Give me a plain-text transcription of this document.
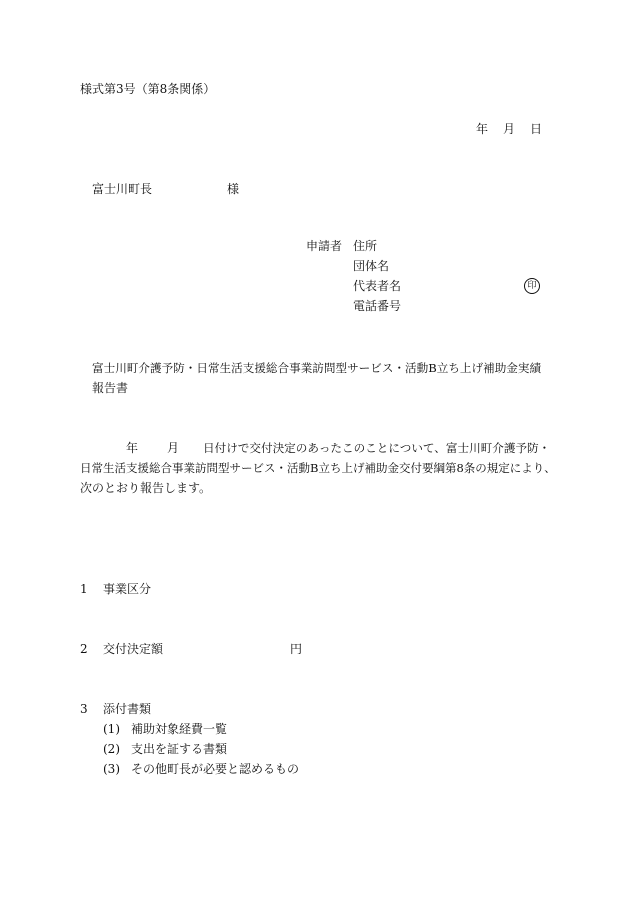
様式第3号（第8条関係）
年 月 日
富士川町長	様
申請者 住所
団体名
代表者名	印
電話番号
富士川町介護予防・日常生活支援総合事業訪問型サービス・活動B立ち上げ補助金実績
報告書
年 月 日付けで交付決定のあったこのことについて、富士川町介護予防・
日常生活支援総合事業訪問型サービス・活動B立ち上げ補助金交付要綱第8条の規定により、
次のとおり報告します。
1 事業区分
2 交付決定額	円
3 添付書類
(1) 補助対象経費一覧
(2) 支出を証する書類
(3) その他町長が必要と認めるもの
